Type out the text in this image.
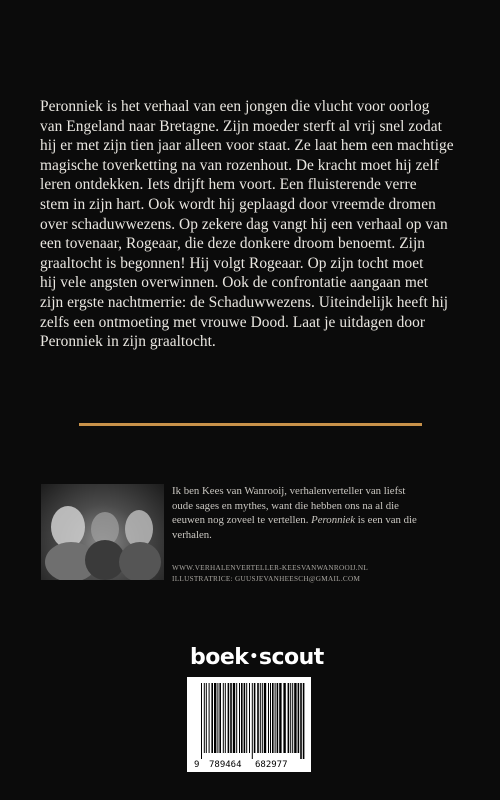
Peronniek is het verhaal van een jongen die vlucht voor oorlog
van Engeland naar Bretagne. Zijn moeder sterft al vrij snel zodat
hij er met zijn tien jaar alleen voor staat. Ze laat hem een machtige
magische toverketting na van rozenhout. De kracht moet hij zelf
leren ontdekken. Iets drijft hem voort. Een fluisterende verre
stem in zijn hart. Ook wordt hij geplaagd door vreemde dromen
over schaduwwezens. Op zekere dag vangt hij een verhaal op van
een tovenaar, Rogeaar, die deze donkere droom benoemt. Zijn
graaltocht is begonnen! Hij volgt Rogeaar. Op zijn tocht moet
hij vele angsten overwinnen. Ook de confrontatie aangaan met
zijn ergste nachtmerrie: de Schaduwwezens. Uiteindelijk heeft hij
zelfs een ontmoeting met vrouwe Dood. Laat je uitdagen door
Peronniek in zijn graaltocht.
Ik ben Kees van Wanrooij, verhalenverteller van liefst
oude sages en mythes, want die hebben ons na al die
eeuwen nog zoveel te vertellen. Peronniek is een van die
verhalen.
WWW.VERHALENVERTELLER-KEESVANWANROOIJ.NL
ILLUSTRATRICE: GUUSJEVANHEESCH@GMAIL.COM
boek•scout
9 789464 682977
